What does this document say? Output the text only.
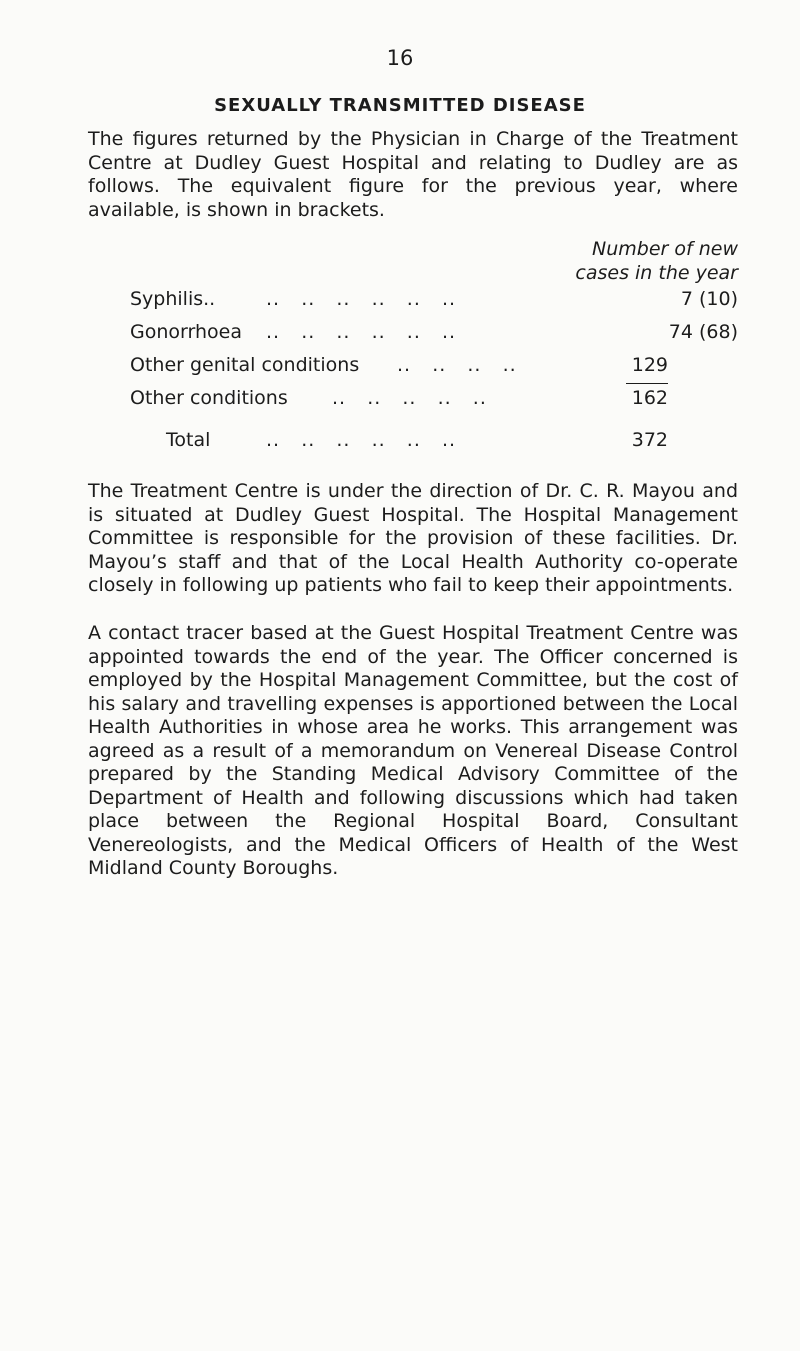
16
SEXUALLY TRANSMITTED DISEASE
The figures returned by the Physician in Charge of the Treatment Centre at Dudley Guest Hospital and relating to Dudley are as follows. The equivalent figure for the previous year, where available, is shown in brackets.
Number of new
cases in the year
Syphilis..	..   ..   ..   ..   ..   ..	7 (10)
Gonorrhoea ..   ..   ..   ..   ..   ..	74 (68)
Other genital conditions ..   ..   ..   ..	129
Other conditions ..   ..   ..   ..   ..	162
Total	..   ..   ..   ..   ..   ..	372
The Treatment Centre is under the direction of Dr. C. R. Mayou and is situated at Dudley Guest Hospital. The Hospital Management Committee is responsible for the provision of these facilities. Dr. Mayou’s staff and that of the Local Health Authority co-operate closely in following up patients who fail to keep their appointments.
A contact tracer based at the Guest Hospital Treatment Centre was appointed towards the end of the year. The Officer concerned is employed by the Hospital Management Committee, but the cost of his salary and travelling expenses is apportioned between the Local Health Authorities in whose area he works. This arrangement was agreed as a result of a memorandum on Venereal Disease Control prepared by the Standing Medical Advisory Committee of the Department of Health and following discussions which had taken place between the Regional Hospital Board, Consultant Venereologists, and the Medical Officers of Health of the West Midland County Boroughs.
